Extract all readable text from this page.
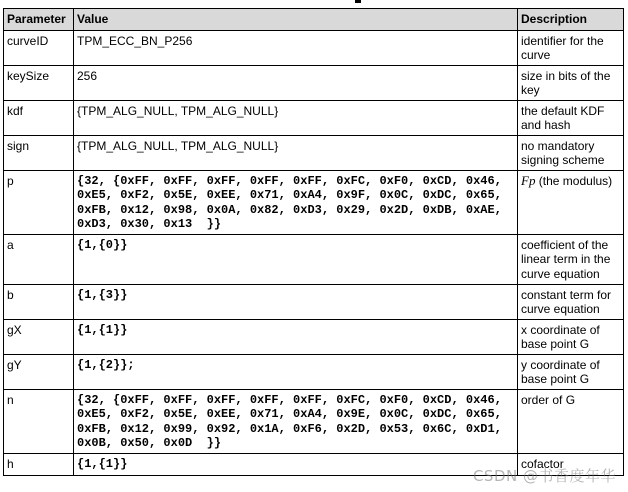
Parameter	Value	Description
curveID	TPM_ECC_BN_P256	identifier for the curve
keySize	256	size in bits of the key
kdf	{TPM_ALG_NULL, TPM_ALG_NULL}	the default KDF and hash
sign	{TPM_ALG_NULL, TPM_ALG_NULL}	no mandatory signing scheme
p	{32, {0xFF, 0xFF, 0xFF, 0xFF, 0xFF, 0xFC, 0xF0, 0xCD, 0x46,
0xE5, 0xF2, 0x5E, 0xEE, 0x71, 0xA4, 0x9F, 0x0C, 0xDC, 0x65,
0xFB, 0x12, 0x98, 0x0A, 0x82, 0xD3, 0x29, 0x2D, 0xDB, 0xAE,
0xD3, 0x30, 0x13  }}	Fp (the modulus)
a	{1,{0}}	coefficient of the linear term in the curve equation
b	{1,{3}}	constant term for curve equation
gX	{1,{1}}	x coordinate of base point G
gY	{1,{2}};	y coordinate of base point G
n	{32, {0xFF, 0xFF, 0xFF, 0xFF, 0xFF, 0xFC, 0xF0, 0xCD, 0x46,
0xE5, 0xF2, 0x5E, 0xEE, 0x71, 0xA4, 0x9E, 0x0C, 0xDC, 0x65,
0xFB, 0x12, 0x99, 0x92, 0x1A, 0xF6, 0x2D, 0x53, 0x6C, 0xD1,
0x0B, 0x50, 0x0D  }}	order of G
h	{1,{1}}	cofactor
CSDN @书香度年华
